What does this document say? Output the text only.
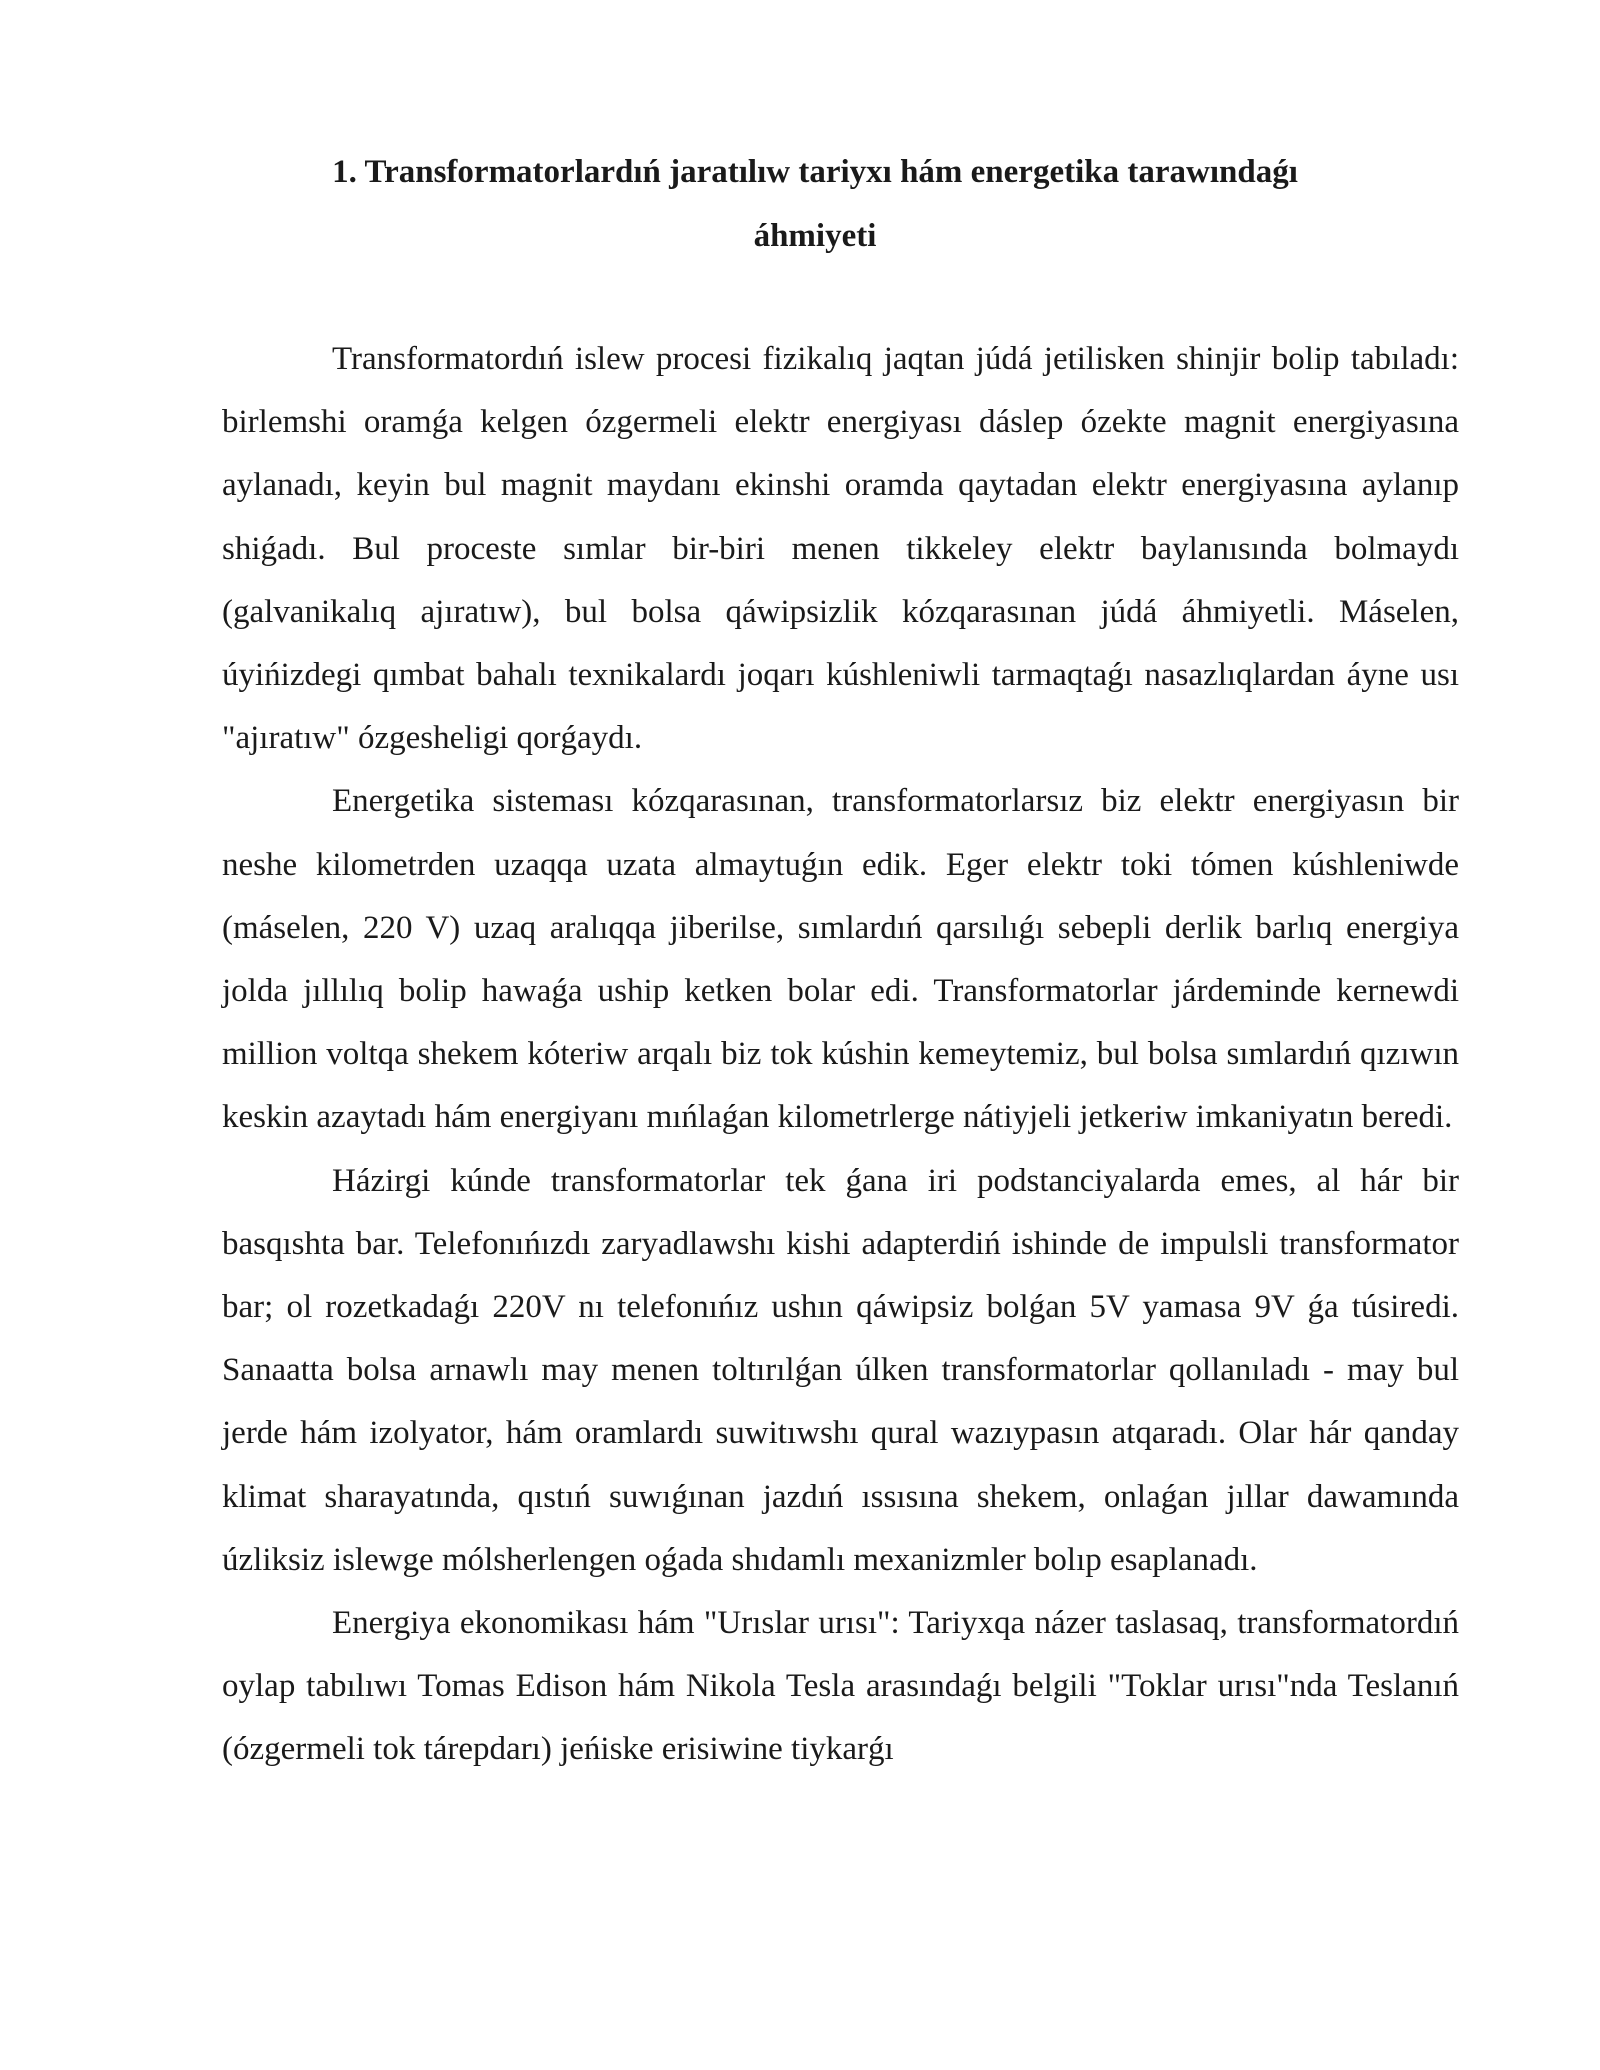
1. Transformatorlardıń jaratılıw tariyxı hám energetika tarawındaǵı áhmiyeti

Transformatordıń islew procesi fizikalıq jaqtan júdá jetilisken shinjir bolip tabıladı: birlemshi oramǵa kelgen ózgermeli elektr energiyası dáslep ózekte magnit energiyasına aylanadı, keyin bul magnit maydanı ekinshi oramda qaytadan elektr energiyasına aylanıp shiǵadı. Bul proceste sımlar bir-biri menen tikkeley elektr baylanısında bolmaydı (galvanikalıq ajıratıw), bul bolsa qáwipsizlik kózqarasınan júdá áhmiyetli. Máselen, úyińizdegi qımbat bahalı texnikalardı joqarı kúshleniwli tarmaqtaǵı nasazlıqlardan áyne usı "ajıratıw" ózgesheligi qorǵaydı.

Energetika sisteması kózqarasınan, transformatorlarsız biz elektr energiyasın bir neshe kilometrden uzaqqa uzata almaytuǵın edik. Eger elektr toki tómen kúshleniwde (máselen, 220 V) uzaq aralıqqa jiberilse, sımlardıń qarsılıǵı sebepli derlik barlıq energiya jolda jıllılıq bolip hawaǵa uship ketken bolar edi. Transformatorlar járdeminde kernewdi million voltqa shekem kóteriw arqalı biz tok kúshin kemeytemiz, bul bolsa sımlardıń qızıwın keskin azaytadı hám energiyanı mıńlaǵan kilometrlerge nátiyjeli jetkeriw imkaniyatın beredi.

Házirgi kúnde transformatorlar tek ǵana iri podstanciyalarda emes, al hár bir basqıshta bar. Telefonıńızdı zaryadlawshı kishi adapterdiń ishinde de impulsli transformator bar; ol rozetkadaǵı 220V nı telefonıńız ushın qáwipsiz bolǵan 5V yamasa 9V ǵa túsiredi. Sanaatta bolsa arnawlı may menen toltırılǵan úlken transformatorlar qollanıladı - may bul jerde hám izolyator, hám oramlardı suwitıwshı qural wazıypasın atqaradı. Olar hár qanday klimat sharayatında, qıstıń suwıǵınan jazdıń ıssısına shekem, onlaǵan jıllar dawamında úzliksiz islewge mólsherlengen oǵada shıdamlı mexanizmler bolıp esaplanadı.

Energiya ekonomikası hám "Urıslar urısı": Tariyxqa názer taslasaq, transformatordıń oylap tabılıwı Tomas Edison hám Nikola Tesla arasındaǵı belgili "Toklar urısı"nda Teslanıń (ózgermeli tok tárepdarı) jeńiske erisiwine tiykarǵı
